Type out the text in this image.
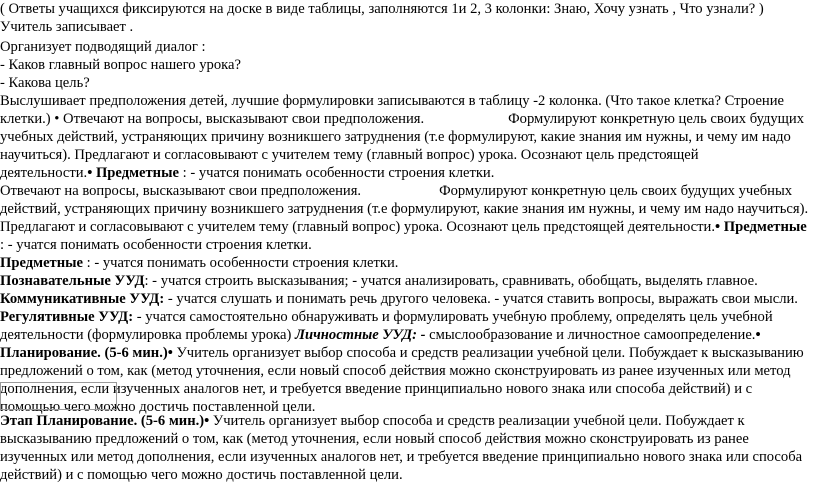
( Ответы учащихся фиксируются на доске в виде таблицы, заполняются 1и 2, 3 колонки: Знаю, Хочу узнать , Что узнали? )
Учитель записывает .
Организует подводящий диалог :
- Каков главный вопрос нашего урока?
- Какова цель?
Выслушивает предположения детей, лучшие формулировки записываются в таблицу -2 колонка. (Что такое клетка? Строение
клетки.) • Отвечают на вопросы, высказывают свои предположения.	Формулируют конкретную цель своих будущих
учебных действий, устраняющих причину возникшего затруднения (т.е формулируют, какие знания им нужны, и чему им надо
научиться). Предлагают и согласовывают с учителем тему (главный вопрос) урока. Осознают цель предстоящей
деятельности.• Предметные : - учатся понимать особенности строения клетки.
Отвечают на вопросы, высказывают свои предположения.	Формулируют конкретную цель своих будущих учебных
действий, устраняющих причину возникшего затруднения (т.е формулируют, какие знания им нужны, и чему им надо научиться).
Предлагают и согласовывают с учителем тему (главный вопрос) урока. Осознают цель предстоящей деятельности.• Предметные
: - учатся понимать особенности строения клетки.
Предметные : - учатся понимать особенности строения клетки.
Познавательные УУД: - учатся строить высказывания; - учатся анализировать, сравнивать, обобщать, выделять главное.
Коммуникативные УУД: - учатся слушать и понимать речь другого человека. - учатся ставить вопросы, выражать свои мысли.
Регулятивные УУД: - учатся самостоятельно обнаруживать и формулировать учебную проблему, определять цель учебной
деятельности (формулировка проблемы урока) Личностные УУД: - смыслообразование и личностное самоопределение.•
Планирование. (5-6 мин.)• Учитель организует выбор способа и средств реализации учебной цели. Побуждает к высказыванию
предложений о том, как (метод уточнения, если новый способ действия можно сконструировать из ранее изученных или метод
дополнения, если изученных аналогов нет, и требуется введение принципиально нового знака или способа действий) и с
помощью чего можно достичь поставленной цели.
Этап Планирование. (5-6 мин.)• Учитель организует выбор способа и средств реализации учебной цели. Побуждает к
высказыванию предложений о том, как (метод уточнения, если новый способ действия можно сконструировать из ранее
изученных или метод дополнения, если изученных аналогов нет, и требуется введение принципиально нового знака или способа
действий) и с помощью чего можно достичь поставленной цели.
